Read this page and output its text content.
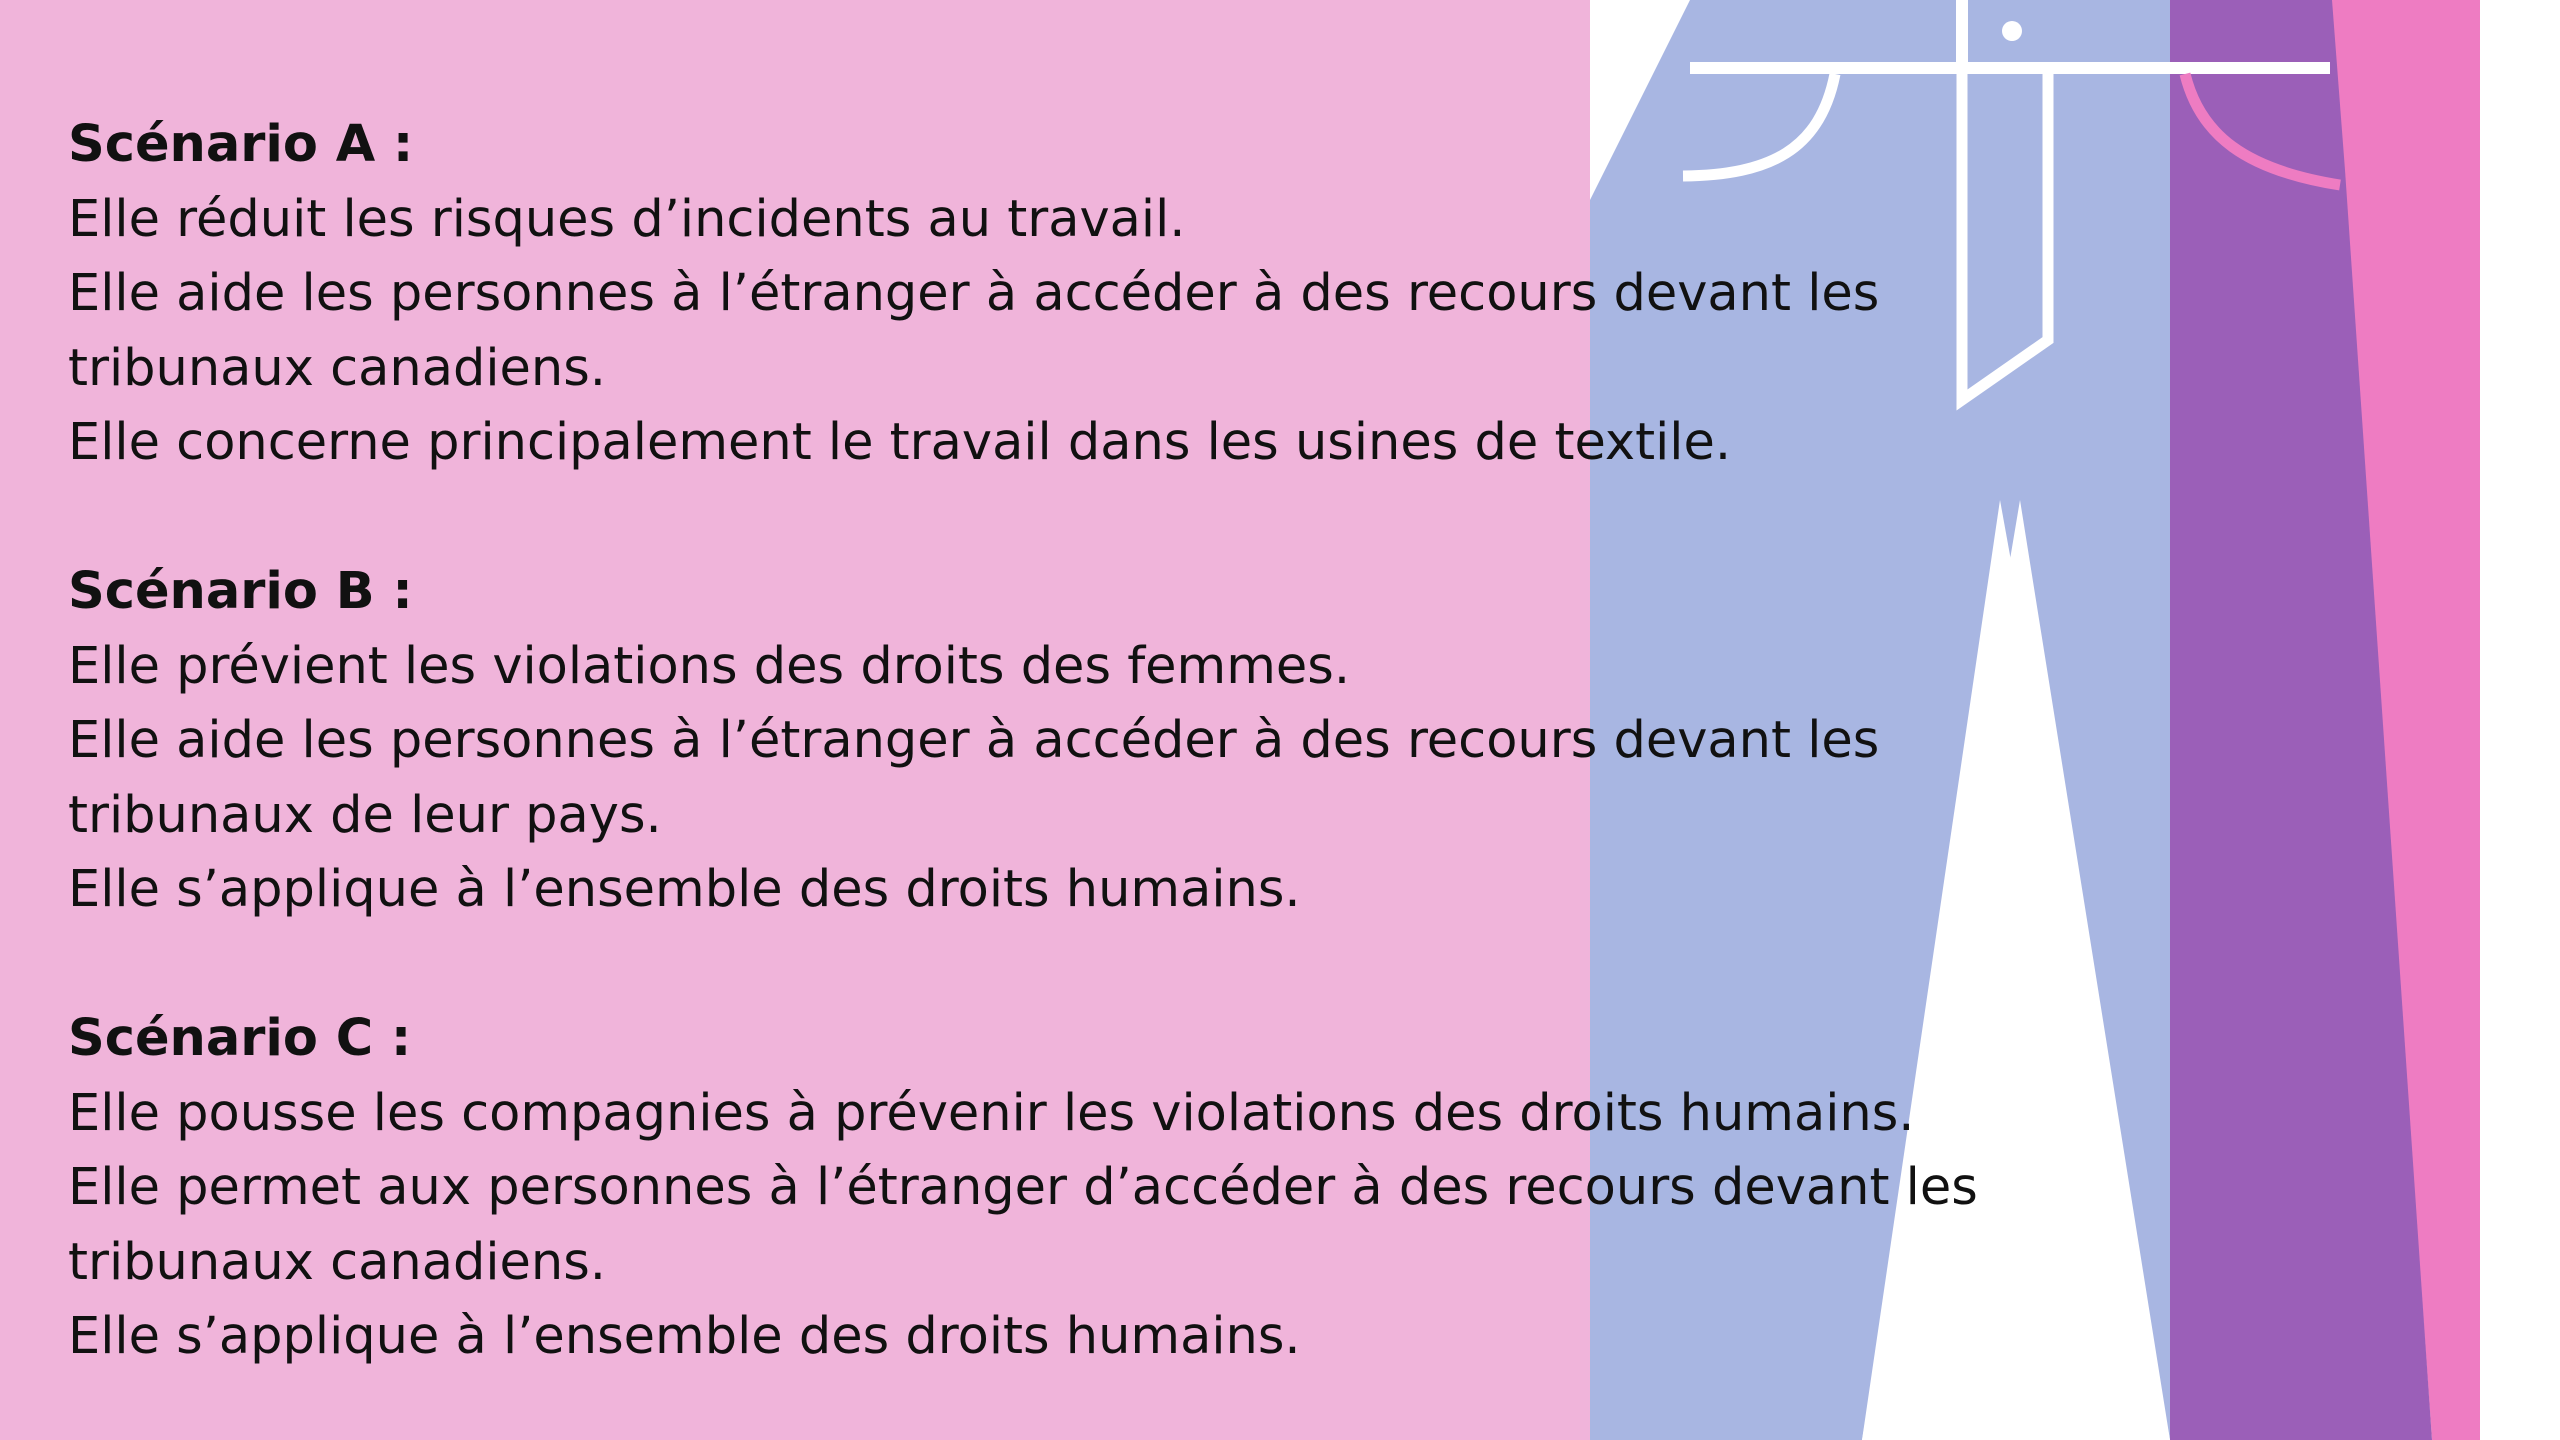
Scénario A :

Elle réduit les risques d’incidents au travail.

Elle aide les personnes à l’étranger à accéder à des recours devant les

tribunaux canadiens.

Elle concerne principalement le travail dans les usines de textile.

Scénario B :

Elle prévient les violations des droits des femmes.

Elle aide les personnes à l’étranger à accéder à des recours devant les

tribunaux de leur pays.

Elle s’applique à l’ensemble des droits humains.

Scénario C :

Elle pousse les compagnies à prévenir les violations des droits humains.

Elle permet aux personnes à l’étranger d’accéder à des recours devant les

tribunaux canadiens.

Elle s’applique à l’ensemble des droits humains.
